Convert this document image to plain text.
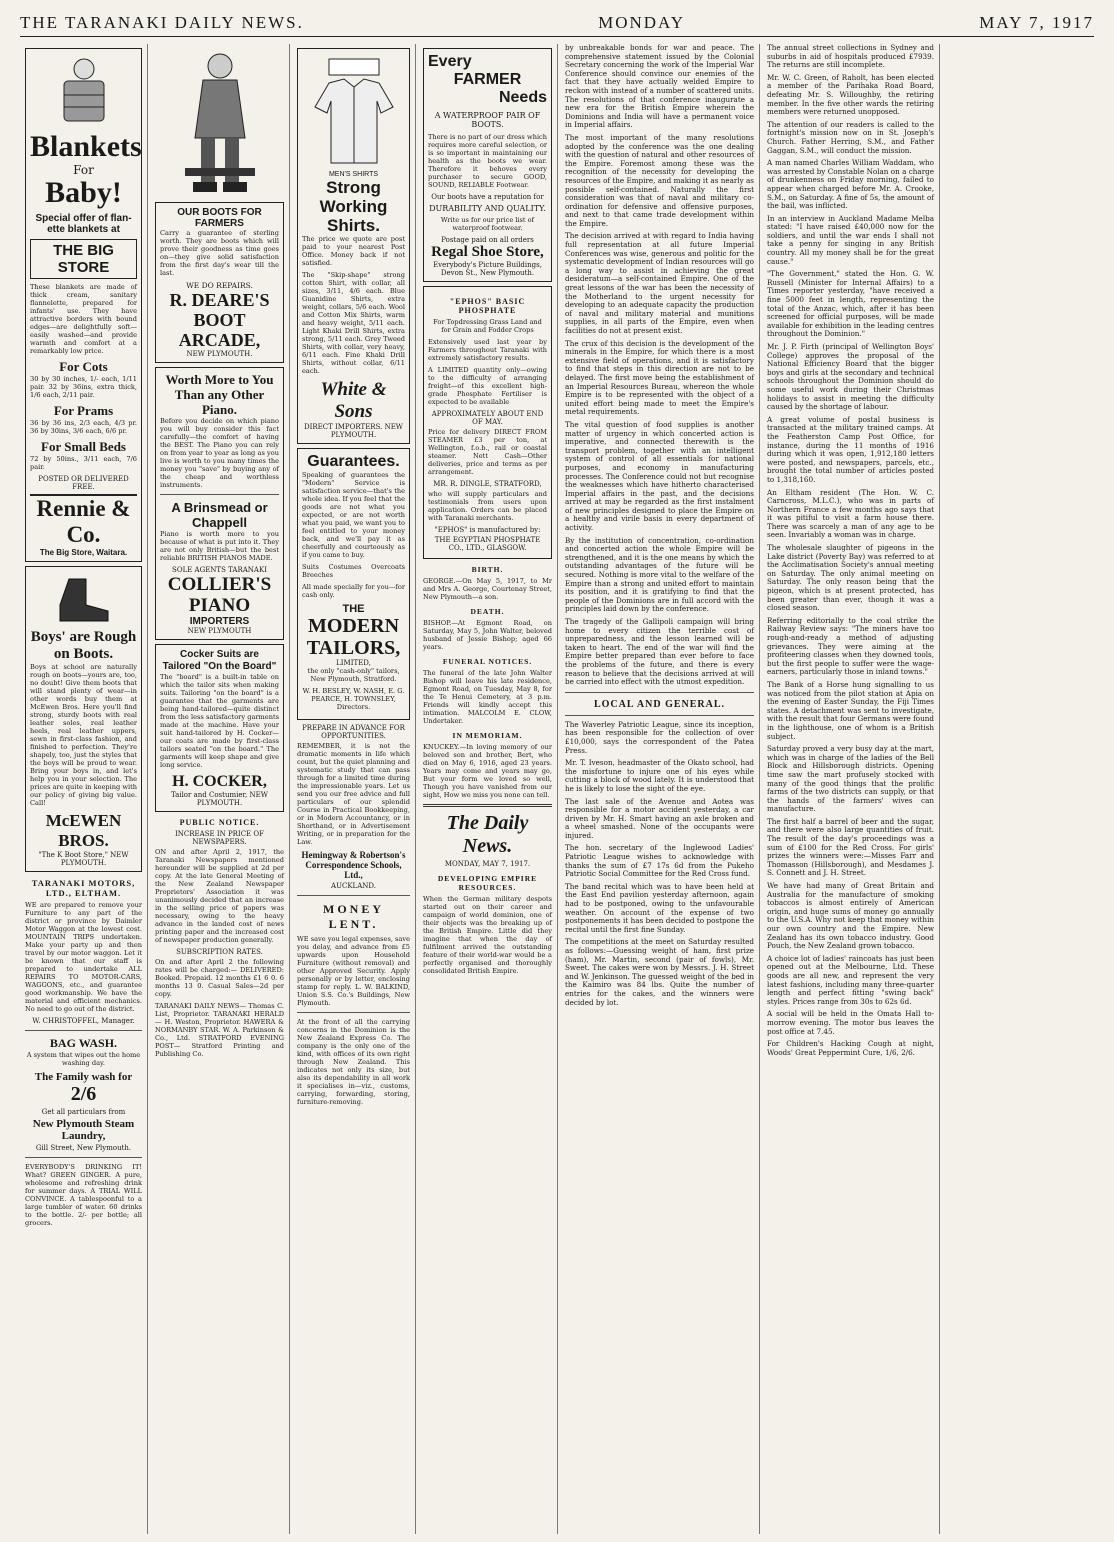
THE TARANAKI DAILY NEWS.	MONDAY	MAY 7, 1917
Blankets
For
Baby!
Special offer of flan- ette blankets at
THE BIG STORE

These blankets are made of thick cream, sanitary flannelette, prepared for infants' use. They have attractive borders with bound edges—are delightfully soft—easily washed—and provide warmth and comfort at a remarkably low price.

For Cots

30 by 30 inches, 1/- each, 1/11 pair. 32 by 36ins, extra thick, 1/6 each, 2/11 pair.

For Prams

36 by 36 ins, 2/3 each, 4/3 pr. 36 by 30ins, 3/6 each, 6/6 pr.

For Small Beds

72 by 50ins., 3/11 each, 7/6 pair.

POSTED OR DELIVERED FREE.
Rennie & Co.
The Big Store, Waitara.
Boys' are Rough on Boots.

Boys at school are naturally rough on boots—yours are, too, no doubt! Give them boots that will stand plenty of wear—in other words buy them at McEwen Bros. Here you'll find strong, sturdy boots with real leather soles, real leather heels, real leather uppers, sewn in first-class fashion, and finished to perfection. They're shapely, too, just the styles that the boys will be proud to wear. Bring your boys in, and let's help you in your selection. The prices are quite in keeping with our policy of giving big value. Call!

McEWEN BROS.
"The K Boot Store," NEW PLYMOUTH.
TARANAKI MOTORS, LTD., ELTHAM.

WE are prepared to remove your Furniture to any part of the district or province by Daimler Motor Waggon at the lowest cost. MOUNTAIN TRIPS undertaken. Make your party up and then travel by our motor waggon. Let it be known that our staff is prepared to undertake ALL REPAIRS TO MOTOR-CARS, WAGGONS, etc., and guarantee good workmanship. We have the material and efficient mechanics. No need to go out of the district.

W. CHRISTOFFEL, Manager.
BAG WASH.

A system that wipes out the home washing day.

The Family wash for
2/6
Get all particulars from
New Plymouth Steam Laundry,
Gill Street, New Plymouth.

EVERYBODY'S DRINKING IT! What? GREEN GINGER. A pure, wholesome and refreshing drink for summer days. A TRIAL WILL CONVINCE. A tablespoonful to a large tumbler of water. 60 drinks to the bottle. 2/- per bottle; all grocers.

OUR BOOTS FOR FARMERS

Carry a guarantee of sterling worth. They are boots which will prove their goodness as time goes on—they give solid satisfaction from the first day's wear till the last.

WE DO REPAIRS.
R. DEARE'S BOOT ARCADE,
NEW PLYMOUTH.
Worth More to You Than any Other Piano.

Before you decide on which piano you will buy consider this fact carefully—the comfort of having the BEST. The Piano you can rely on from year to year as long as you live is worth to you many times the money you "save" by buying any of the cheap and worthless instruments.

A Brinsmead or Chappell

Piano is worth more to you because of what is put into it. They are not only British—but the best reliable BRITISH PIANOS MADE.

SOLE AGENTS TARANAKI
COLLIER'S PIANO
IMPORTERS
NEW PLYMOUTH
Cocker Suits are Tailored "On the Board"

The "board" is a built-in table on which the tailor sits when making suits. Tailoring "on the board" is a guarantee that the garments are being hand-tailored—quite distinct from the less satisfactory garments made at the machine. Have your suit hand-tailored by H. Cocker—our coats are made by first-class tailors seated "on the board." The garments will keep shape and give long service.

H. COCKER,
Tailor and Costumier, NEW PLYMOUTH.
PUBLIC NOTICE.
INCREASE IN PRICE OF NEWSPAPERS.

ON and after April 2, 1917, the Taranaki Newspapers mentioned hereunder will be supplied at 2d per copy. At the late General Meeting of the New Zealand Newspaper Proprietors' Association it was unanimously decided that an increase in the selling price of papers was necessary, owing to the heavy advance in the landed cost of news printing paper and the increased cost of newspaper production generally.

SUBSCRIPTION RATES.

On and after April 2 the following rates will be charged:— DELIVERED: Booked. Prepaid. 12 months £1 6 0. 6 months 13 0. Casual Sales—2d per copy.

TARANAKI DAILY NEWS— Thomas C. List, Proprietor. TARANAKI HERALD— H. Weston, Proprietor. HAWERA & NORMANBY STAR. W. A. Parkinson & Co., Ltd. STRATFORD EVENING POST— Stratford Printing and Publishing Co.

MEN'S SHIRTS
Strong Working Shirts.

The price we quote are post paid to your nearest Post Office. Money back if not satisfied.

The "Skip-shape" strong cotton Shirt, with collar, all sizes, 3/11, 4/6 each. Blue Guanidine Shirts, extra weight, collars, 5/6 each. Wool and Cotton Mix Shirts, warm and heavy weight, 5/11 each. Light Khaki Drill Shirts, extra strong, 5/11 each. Grey Tweed Shirts, with collar, very heavy, 6/11 each. Fine Khaki Drill Shirts, without collar, 6/11 each.

White & Sons
DIRECT IMPORTERS. NEW PLYMOUTH.
Guarantees.

Speaking of guarantees the "Modern" Service is satisfaction service—that's the whole idea. If you feel that the goods are not what you expected, or are not worth what you paid, we want you to feel entitled to your money back, and we'll pay it as cheerfully and courteously as if you came to buy.

Suits Costumes Overcoats Breeches

All made specially for you—for cash only.

THE
MODERN TAILORS,
LIMITED,

the only "cash-only" tailors, New Plymouth, Stratford.

W. H. BESLEY, W. NASH, E. G. PEARCE, H. TOWNSLEY, Directors.

PREPARE IN ADVANCE FOR OPPORTUNITIES.

REMEMBER, it is not the dramatic moments in life which count, but the quiet planning and systematic study that can pass through for a limited time during the impressionable years. Let us send you our free advice and full particulars of our splendid Course in Practical Bookkeeping, or in Modern Accountancy, or in Shorthand, or in Advertisement Writing, or in preparation for the Law.

Hemingway & Robertson's Correspondence Schools, Ltd.,
AUCKLAND.
MONEY LENT.

WE save you legal expenses, save you delay, and advance from £5 upwards upon Household Furniture (without removal) and other Approved Security. Apply personally or by letter, enclosing stamp for reply. L. W. BALKIND, Union S.S. Co.'s Buildings, New Plymouth.

At the front of all the carrying concerns in the Dominion is the New Zealand Express Co. The company is the only one of the kind, with offices of its own right through New Zealand. This indicates not only its size, but also its dependability in all work it specialises in—viz., customs, carrying, forwarding, storing, furniture-removing.

Every
FARMER
Needs
A WATERPROOF PAIR OF BOOTS.

There is no part of our dress which requires more careful selection, or is so important in maintaining our health as the boots we wear. Therefore it behoves every purchaser to secure GOOD, SOUND, RELIABLE Footwear.

Our boots have a reputation for
DURABILITY AND QUALITY.

Write us for our price list of waterproof footwear.

Postage paid on all orders
Regal Shoe Store,
Everybody's Picture Buildings, Devon St., New Plymouth.
"EPHOS" BASIC PHOSPHATE

For Topdressing Grass Land and for Grain and Fodder Crops

Extensively used last year by Farmers throughout Taranaki with extremely satisfactory results.

A LIMITED quantity only—owing to the difficulty of arranging freight—of this excellent high-grade Phosphate Fertiliser is expected to be available

APPROXIMATELY ABOUT END OF MAY.

Price for delivery DIRECT FROM STEAMER £3 per ton, at Wellington, f.o.b., rail or coastal steamer. Nett Cash—Other deliveries, price and terms as per arrangement.

MR. R. DINGLE, STRATFORD,

who will supply particulars and testimonials from users upon application. Orders can be placed with Taranaki merchants.

"EPHOS" is manufactured by:
THE EGYPTIAN PHOSPHATE CO., LTD., GLASGOW.
BIRTH.

GEORGE.—On May 5, 1917, to Mr and Mrs A. George, Courtenay Street, New Plymouth—a son.

DEATH.

BISHOP.—At Egmont Road, on Saturday, May 5, John Walter, beloved husband of Jessie Bishop; aged 66 years.

FUNERAL NOTICES.

The funeral of the late John Walter Bishop will leave his late residence, Egmont Road, on Tuesday, May 8, for the Te Henui Cemetery, at 3 p.m. Friends will kindly accept this intimation. MALCOLM E. CLOW, Undertaker.

IN MEMORIAM.

KNUCKEY.—In loving memory of our beloved son and brother, Bert, who died on May 6, 1916, aged 23 years. Years may come and years may go, But your form we loved so well, Though you have vanished from our sight, How we miss you none can tell.

The Daily News.
MONDAY, MAY 7, 1917.
DEVELOPING EMPIRE RESOURCES.

When the German military despots started out on their career and campaign of world dominion, one of their objects was the breaking up of the British Empire. Little did they imagine that when the day of fulfilment arrived the outstanding feature of their world-war would be a perfectly organised and thoroughly consolidated British Empire.

by unbreakable bonds for war and peace. The comprehensive statement issued by the Colonial Secretary concerning the work of the Imperial War Conference should convince our enemies of the fact that they have actually welded Empire to reckon with instead of a number of scattered units. The resolutions of that conference inaugurate a new era for the British Empire wherein the Dominions and India will have a permanent voice in Imperial affairs.

The most important of the many resolutions adopted by the conference was the one dealing with the question of natural and other resources of the Empire. Foremost among these was the recognition of the necessity for developing the resources of the Empire, and making it as nearly as possible self-contained. Naturally the first consideration was that of naval and military co-ordination for defensive and offensive purposes, and next to that came trade development within the Empire.

The decision arrived at with regard to India having full representation at all future Imperial Conferences was wise, generous and politic for the systematic development of Indian resources will go a long way to assist in achieving the great desideratum—a self-contained Empire. One of the great lessons of the war has been the necessity of the Motherland to the urgent necessity for developing to an adequate capacity the production of naval and military material and munitions supplies, in all parts of the Empire, even when facilities do not at present exist.

The crux of this decision is the development of the minerals in the Empire, for which there is a most extensive field of operations, and it is satisfactory to find that steps in this direction are not to be delayed. The first move being the establishment of an Imperial Resources Bureau, whereon the whole Empire is to be represented with the object of a united effort being made to meet the Empire's metal requirements.

The vital question of food supplies is another matter of urgency in which concerted action is imperative, and connected therewith is the transport problem, together with an intelligent system of control of all essentials for national purposes, and economy in manufacturing processes. The Conference could not but recognise the weaknesses which have hitherto characterised Imperial affairs in the past, and the decisions arrived at may be regarded as the first instalment of new principles designed to place the Empire on a healthy and virile basis in every department of activity.

By the institution of concentration, co-ordination and concerted action the whole Empire will be strengthened, and it is the one means by which the outstanding advantages of the future will be secured. Nothing is more vital to the welfare of the Empire than a strong and united effort to maintain its position, and it is gratifying to find that the people of the Dominions are in full accord with the principles laid down by the conference.

The tragedy of the Gallipoli campaign will bring home to every citizen the terrible cost of unpreparedness, and the lesson learned will be taken to heart. The end of the war will find the Empire better prepared than ever before to face the problems of the future, and there is every reason to believe that the decisions arrived at will be carried into effect with the utmost expedition.

LOCAL AND GENERAL.

The Waverley Patriotic League, since its inception, has been responsible for the collection of over £10,000, says the correspondent of the Patea Press.

Mr. T. Iveson, headmaster of the Okato school, had the misfortune to injure one of his eyes while cutting a block of wood lately. It is understood that he is likely to lose the sight of the eye.

The last sale of the Avenue and Aotea was responsible for a motor accident yesterday, a car driven by Mr. H. Smart having an axle broken and a wheel smashed. None of the occupants were injured.

The hon. secretary of the Inglewood Ladies' Patriotic League wishes to acknowledge with thanks the sum of £7 17s 6d from the Pukeho Patriotic Social Committee for the Red Cross fund.

The band recital which was to have been held at the East End pavilion yesterday afternoon, again had to be postponed, owing to the unfavourable weather. On account of the expense of two postponements it has been decided to postpone the recital until the first fine Sunday.

The competitions at the meet on Saturday resulted as follows:—Guessing weight of ham, first prize (ham), Mr. Martin, second (pair of fowls), Mr. Sweet. The cakes were won by Messrs. J. H. Street and W. Jenkinson. The guessed weight of the bed in the Kaimiro was 84 lbs. Quite the number of entries for the cakes, and the winners were decided by lot.

The annual street collections in Sydney and suburbs in aid of hospitals produced £7939. The returns are still incomplete.

Mr. W. C. Green, of Raholt, has been elected a member of the Parihaka Road Board, defeating Mr. S. Willoughby, the retiring member. In the five other wards the retiring members were returned unopposed.

The attention of our readers is called to the fortnight's mission now on in St. Joseph's Church. Father Herring, S.M., and Father Gaggan, S.M., will conduct the mission.

A man named Charles William Waddam, who was arrested by Constable Nolan on a charge of drunkenness on Friday morning, failed to appear when charged before Mr. A. Crooke, S.M., on Saturday. A fine of 5s, the amount of the bail, was inflicted.

In an interview in Auckland Madame Melba stated: "I have raised £40,000 now for the soldiers, and until the war ends I shall not take a penny for singing in any British country. All my money shall be for the great cause."

"The Government," stated the Hon. G. W. Russell (Minister for Internal Affairs) to a Times reporter yesterday, "have received a fine 5000 feet in length, representing the total of the Anzac, which, after it has been screened for official purposes, will be made available for exhibition in the leading centres throughout the Dominion."

Mr. J. P. Firth (principal of Wellington Boys' College) approves the proposal of the National Efficiency Board that the bigger boys and girls at the secondary and technical schools throughout the Dominion should do some useful work during their Christmas holidays to assist in meeting the difficulty caused by the shortage of labour.

A great volume of postal business is transacted at the military trained camps. At the Featherston Camp Post Office, for instance, during the 11 months of 1916 during which it was open, 1,912,180 letters were posted, and newspapers, parcels, etc., brought the total number of articles posted to 1,318,160.

An Eltham resident (The Hon. W. C. Carncross, M.L.C.), who was in parts of Northern France a few months ago says that it was pitiful to visit a farm house there. There was scarcely a man of any age to be seen. Invariably a woman was in charge.

The wholesale slaughter of pigeons in the Lake district (Poverty Bay) was referred to at the Acclimatisation Society's annual meeting on Saturday. The only animal meeting on Saturday. The only reason being that the pigeon, which is at present protected, has been greater than ever, though it was a closed season.

Referring editorially to the coal strike the Railway Review says: "The miners have too rough-and-ready a method of adjusting grievances. They were aiming at the profiteering classes when they downed tools, but the first people to suffer were the wage-earners, particularly those in inland towns."

The Bank of a Horse hung signalling to us was noticed from the pilot station at Apia on the evening of Easter Sunday, the Fiji Times states. A detachment was sent to investigate, with the result that four Germans were found in the lighthouse, one of whom is a British subject.

Saturday proved a very busy day at the mart, which was in charge of the ladies of the Bell Block and Hillsborough districts. Opening time saw the mart profusely stocked with many of the good things that the prolific farms of the two districts can supply, or that the hands of the farmers' wives can manufacture.

The first half a barrel of beer and the sugar, and there were also large quantities of fruit. The result of the day's proceedings was a sum of £100 for the Red Cross. For girls' prizes the winners were:—Misses Farr and Thomasson (Hillsborough), and Mesdames J. S. Connett and J. H. Street.

We have had many of Great Britain and Australia for the manufacture of smoking tobaccos is almost entirely of American origin, and huge sums of money go annually to the U.S.A. Why not keep that money within our own country and the Empire. New Zealand has its own tobacco industry. Good Pouch, the New Zealand grown tobacco.

A choice lot of ladies' raincoats has just been opened out at the Melbourne, Ltd. These goods are all new, and represent the very latest fashions, including many three-quarter length and perfect fitting "swing back" styles. Prices range from 30s to 62s 6d.

A social will be held in the Omata Hall to-morrow evening. The motor bus leaves the post office at 7.45.

For Children's Hacking Cough at night, Woods' Great Peppermint Cure, 1/6, 2/6.
